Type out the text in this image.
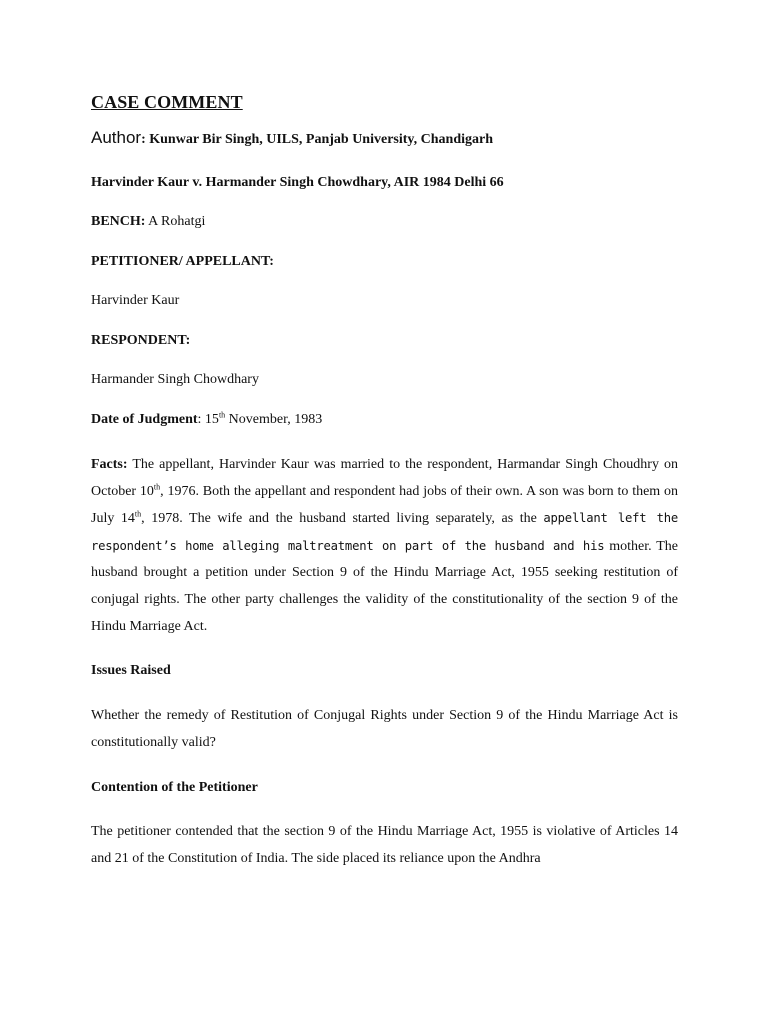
CASE COMMENT
Author: Kunwar Bir Singh, UILS, Panjab University, Chandigarh
Harvinder Kaur v. Harmander Singh Chowdhary, AIR 1984 Delhi 66
BENCH: A Rohatgi
PETITIONER/ APPELLANT:
Harvinder Kaur
RESPONDENT:
Harmander Singh Chowdhary
Date of Judgment: 15th November, 1983
Facts: The appellant, Harvinder Kaur was married to the respondent, Harmandar Singh Choudhry on October 10th, 1976. Both the appellant and respondent had jobs of their own. A son was born to them on July 14th, 1978. The wife and the husband started living separately, as the appellant left the respondent’s home alleging maltreatment on part of the husband and his mother. The husband brought a petition under Section 9 of the Hindu Marriage Act, 1955 seeking restitution of conjugal rights. The other party challenges the validity of the constitutionality of the section 9 of the Hindu Marriage Act.
Issues Raised
Whether the remedy of Restitution of Conjugal Rights under Section 9 of the Hindu Marriage Act is constitutionally valid?
Contention of the Petitioner
The petitioner contended that the section 9 of the Hindu Marriage Act, 1955 is violative of Articles 14 and 21 of the Constitution of India. The side placed its reliance upon the Andhra
